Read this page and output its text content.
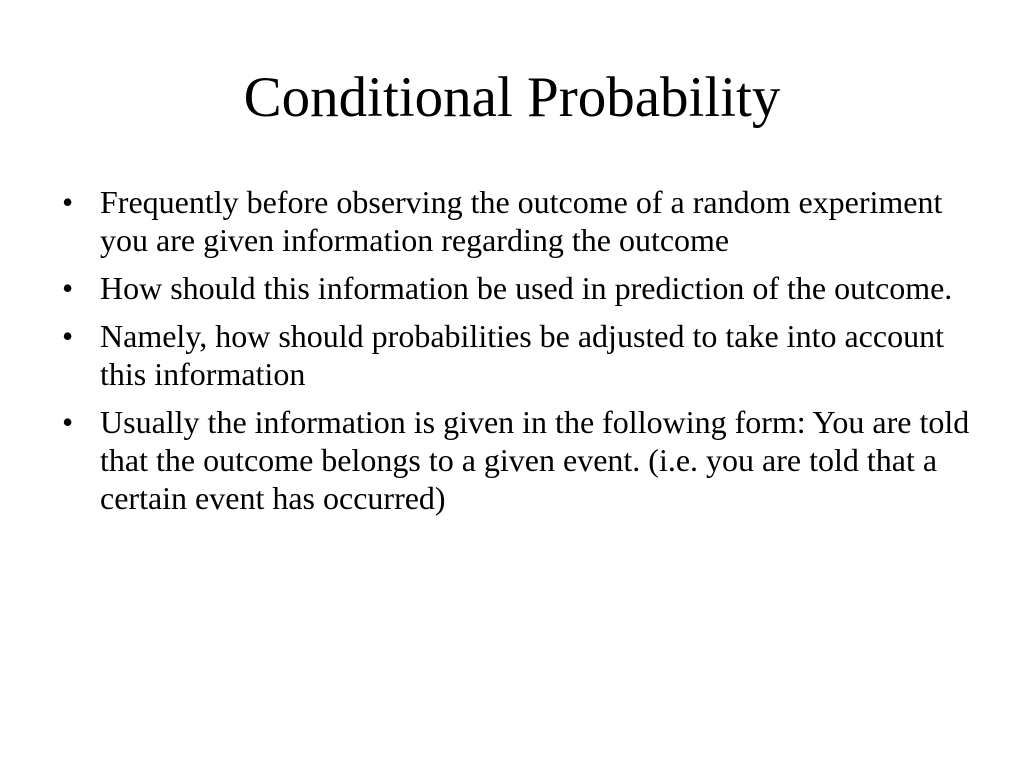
Conditional Probability
• Frequently before observing the outcome of a random experiment you are given information regarding the outcome
• How should this information be used in prediction of the outcome.
• Namely, how should probabilities be adjusted to take into account this information
• Usually the information is given in the following form: You are told that the outcome belongs to a given event. (i.e. you are told that a certain event has occurred)
